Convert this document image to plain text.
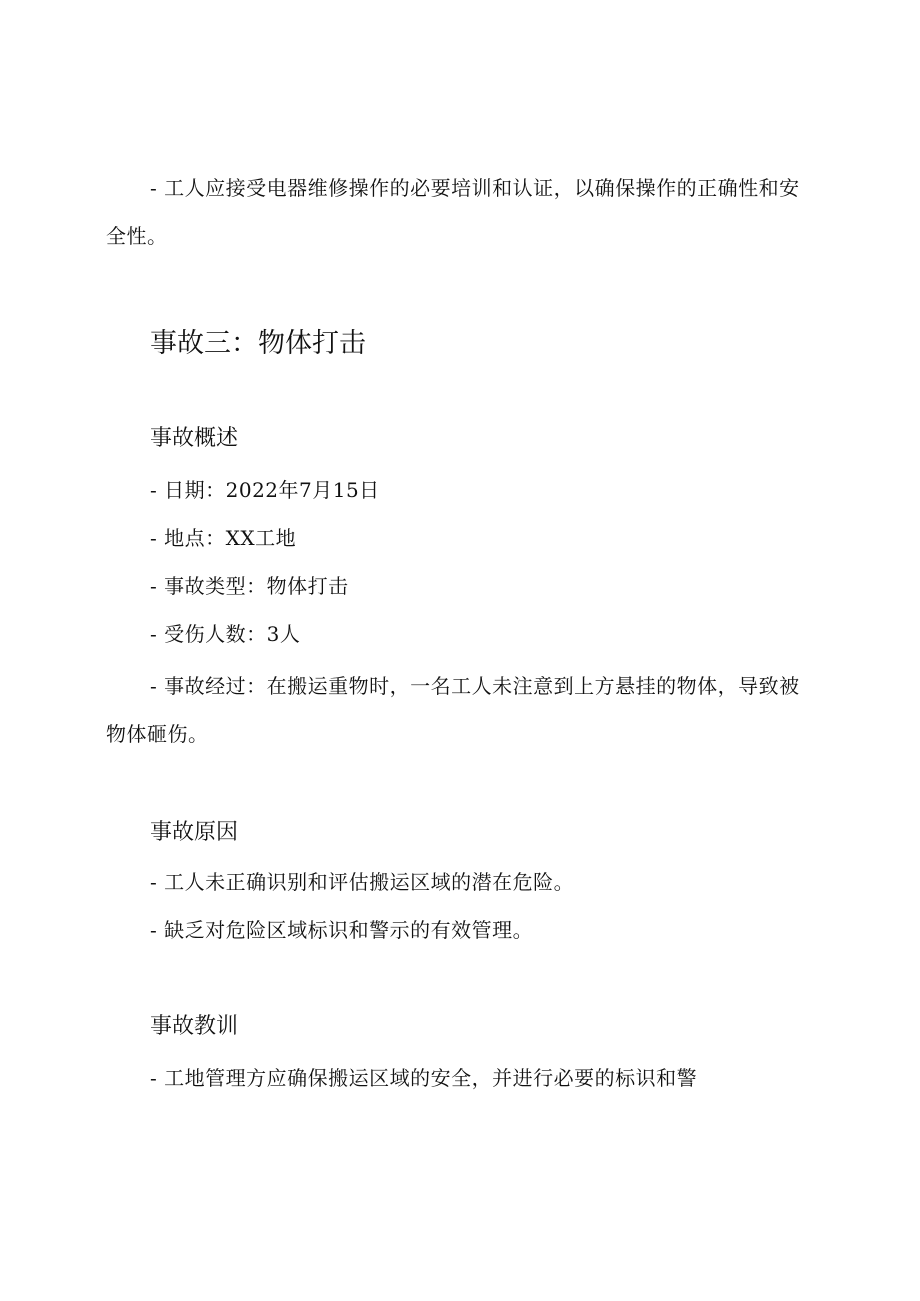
- 工人应接受电器维修操作的必要培训和认证，以确保操作的正确性和安全性。

事故三：物体打击
事故概述

- 日期：2022年7月15日

- 地点：XX工地

- 事故类型：物体打击

- 受伤人数：3人

- 事故经过：在搬运重物时，一名工人未注意到上方悬挂的物体，导致被物体砸伤。

事故原因

- 工人未正确识别和评估搬运区域的潜在危险。

- 缺乏对危险区域标识和警示的有效管理。

事故教训

- 工地管理方应确保搬运区域的安全，并进行必要的标识和警
